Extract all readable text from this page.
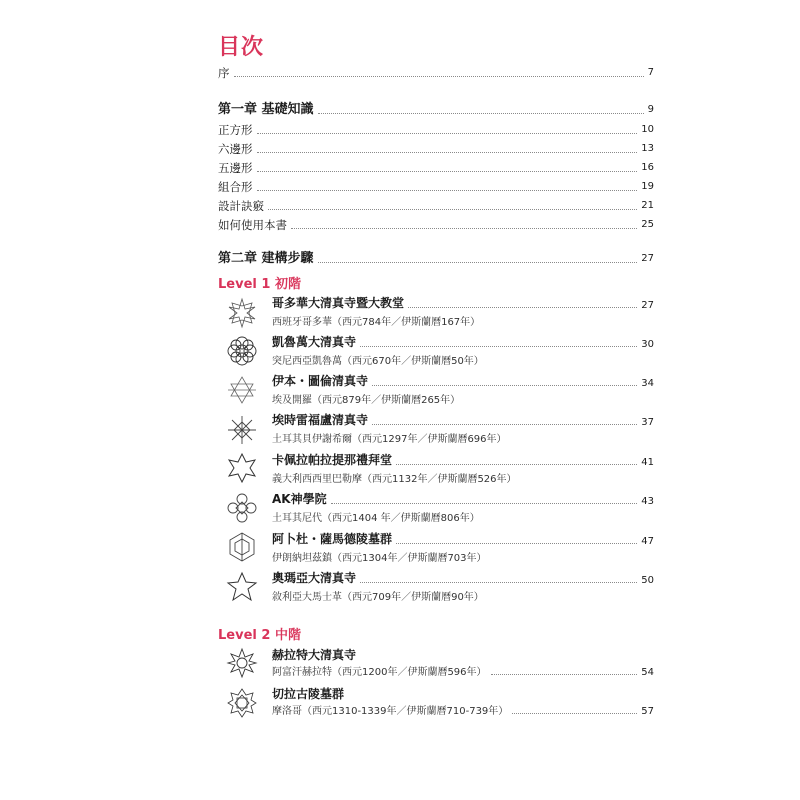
目次
序	7
第一章 基礎知識	9
正方形	10
六邊形	13
五邊形	16
組合形	19
設計訣竅	21
如何使用本書	25
第二章 建構步驟	27
Level 1 初階
哥多華大清真寺暨大教堂	27
西班牙哥多華（西元784年／伊斯蘭曆167年）
凱魯萬大清真寺	30
突尼西亞凱魯萬（西元670年／伊斯蘭曆50年）
伊本・圖倫清真寺	34
埃及開羅（西元879年／伊斯蘭曆265年）
埃時雷福盧清真寺	37
土耳其貝伊謝希爾（西元1297年／伊斯蘭曆696年）
卡佩拉帕拉提那禮拜堂	41
義大利西西里巴勒摩（西元1132年／伊斯蘭曆526年）
AK神學院	43
土耳其尼代（西元1404 年／伊斯蘭曆806年）
阿卜杜・薩馬德陵墓群	47
伊朗納坦茲鎮（西元1304年／伊斯蘭曆703年）
奧瑪亞大清真寺	50
敘利亞大馬士革（西元709年／伊斯蘭曆90年）
Level 2 中階
赫拉特大清真寺
阿富汗赫拉特（西元1200年／伊斯蘭曆596年）	54
切拉古陵墓群
摩洛哥（西元1310-1339年／伊斯蘭曆710-739年）	57
